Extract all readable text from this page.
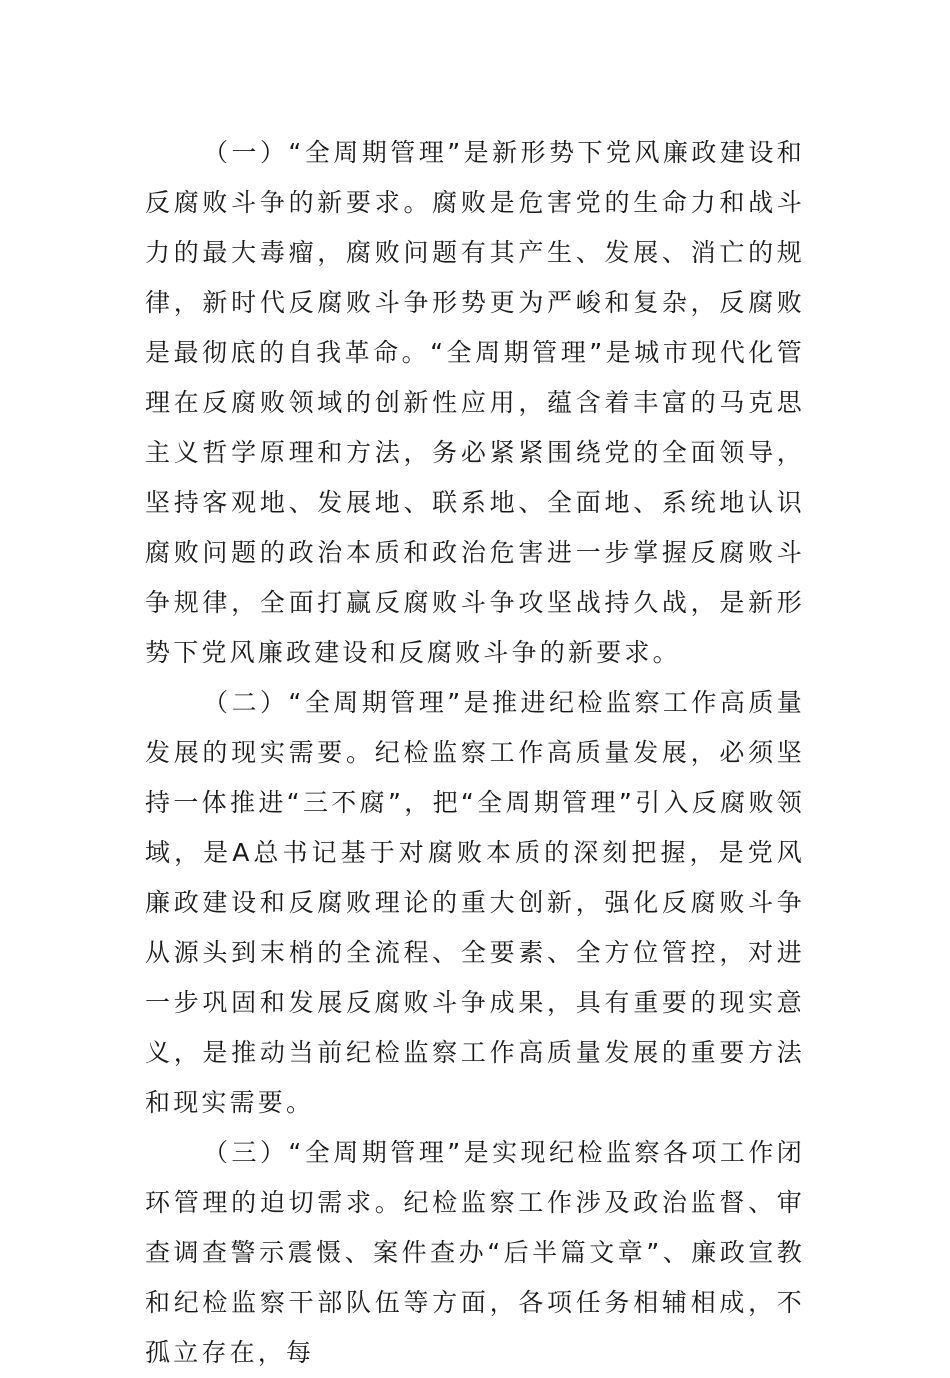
（一）“全周期管理”是新形势下党风廉政建设和反腐败斗争的新要求。腐败是危害党的生命力和战斗力的最大毒瘤，腐败问题有其产生、发展、消亡的规律，新时代反腐败斗争形势更为严峻和复杂，反腐败是最彻底的自我革命。“全周期管理”是城市现代化管理在反腐败领域的创新性应用，蕴含着丰富的马克思主义哲学原理和方法，务必紧紧围绕党的全面领导，坚持客观地、发展地、联系地、全面地、系统地认识腐败问题的政治本质和政治危害进一步掌握反腐败斗争规律，全面打赢反腐败斗争攻坚战持久战，是新形势下党风廉政建设和反腐败斗争的新要求。

（二）“全周期管理”是推进纪检监察工作高质量发展的现实需要。纪检监察工作高质量发展，必须坚持一体推进“三不腐”，把“全周期管理”引入反腐败领域，是A总书记基于对腐败本质的深刻把握，是党风廉政建设和反腐败理论的重大创新，强化反腐败斗争从源头到末梢的全流程、全要素、全方位管控，对进一步巩固和发展反腐败斗争成果，具有重要的现实意义，是推动当前纪检监察工作高质量发展的重要方法和现实需要。

（三）“全周期管理”是实现纪检监察各项工作闭环管理的迫切需求。纪检监察工作涉及政治监督、审查调查警示震慑、案件查办“后半篇文章”、廉政宣教和纪检监察干部队伍等方面，各项任务相辅相成，不孤立存在，每
